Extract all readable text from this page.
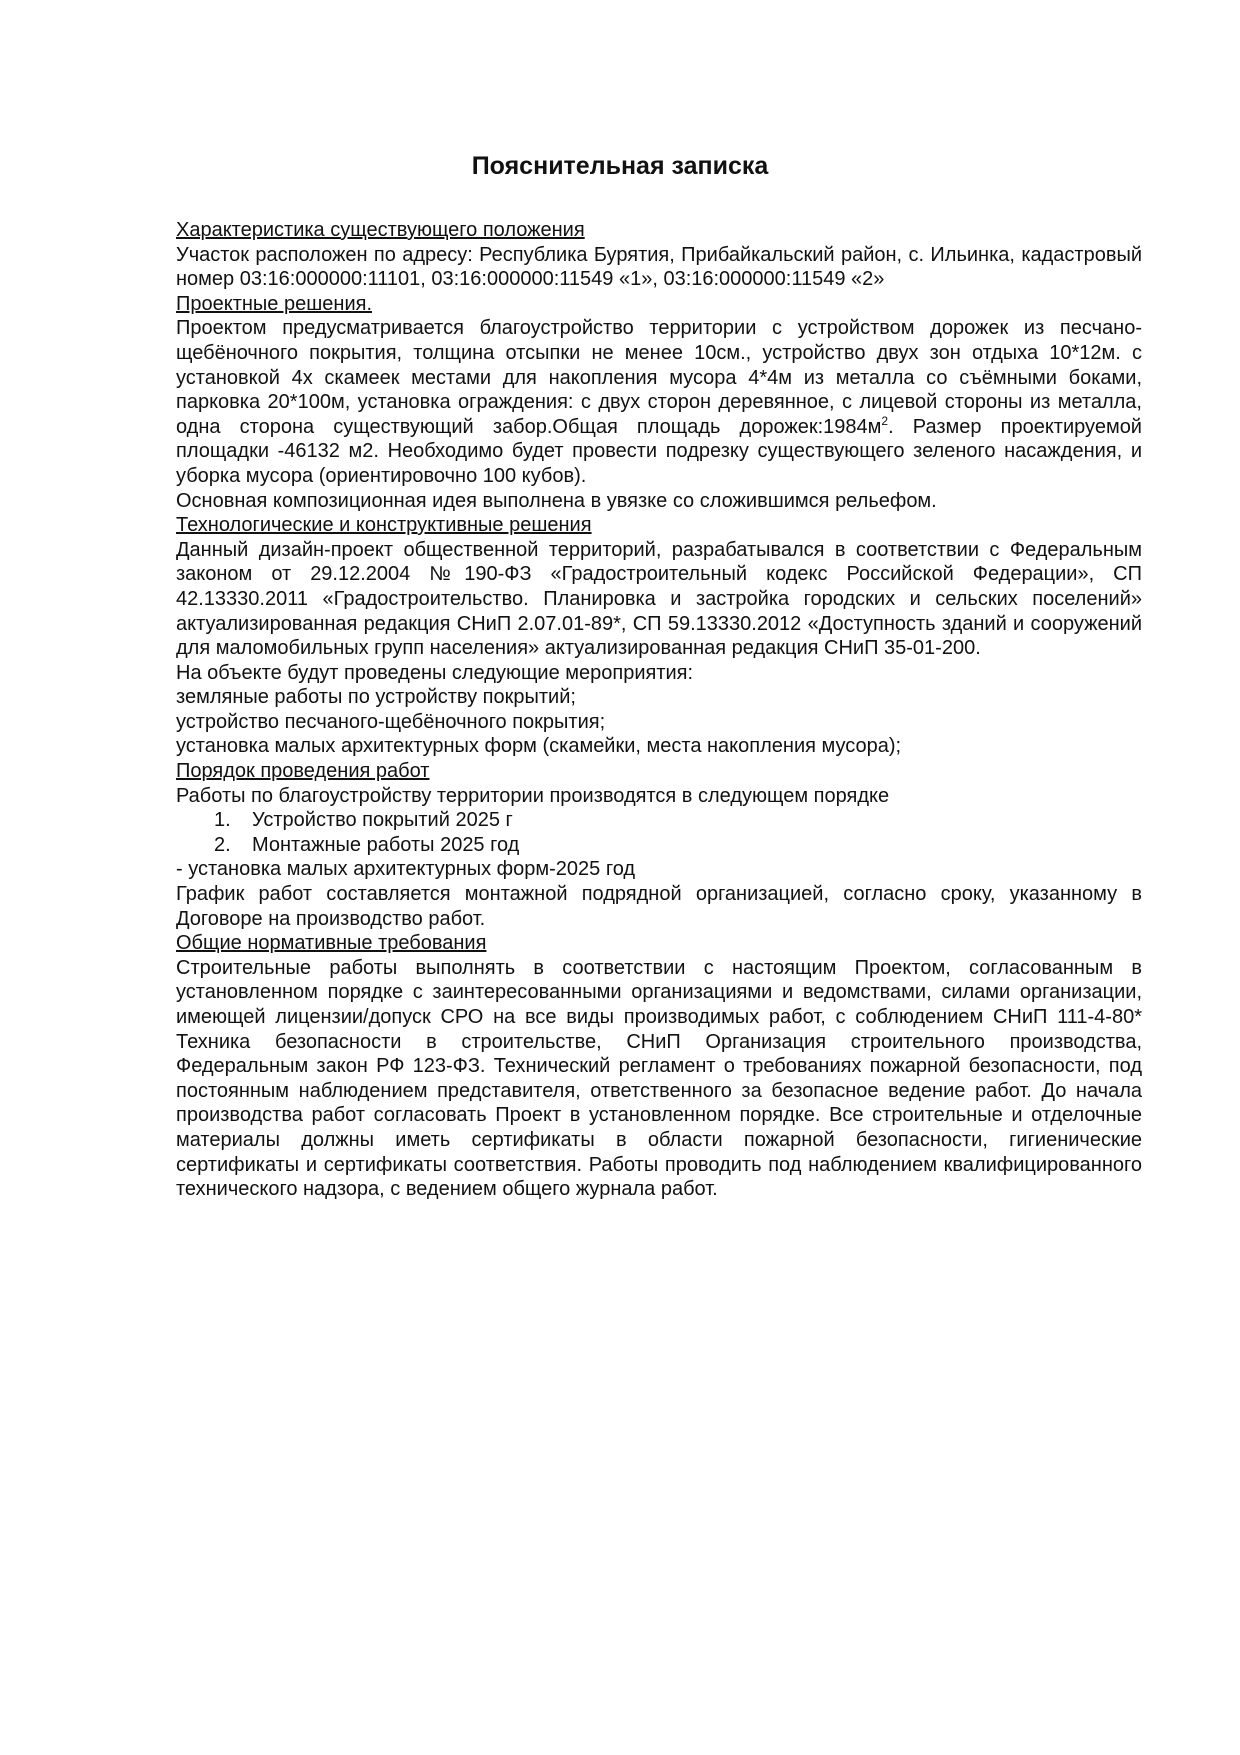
Пояснительная записка

Характеристика существующего положения

Участок расположен по адресу: Республика Бурятия, Прибайкальский район, с. Ильинка, кадастровый номер 03:16:000000:11101, 03:16:000000:11549 «1», 03:16:000000:11549 «2»

Проектные решения.

Проектом предусматривается благоустройство территории с устройством дорожек из песчано-щебёночного покрытия, толщина отсыпки не менее 10см., устройство двух зон отдыха 10*12м. с установкой 4х скамеек местами для накопления мусора 4*4м из металла со съёмными боками, парковка 20*100м, установка ограждения: с двух сторон деревянное, с лицевой стороны из металла, одна сторона существующий забор.Общая площадь $дорожек:1984м^2$. Размер проектируемой площадки -46132 м2. Необходимо будет провести подрезку существующего зеленого насаждения, и уборка мусора (ориентировочно 100 кубов).

Основная композиционная идея выполнена в увязке со сложившимся рельефом.

Технологические и конструктивные решения

Данный дизайн-проект общественной территорий, разрабатывался в соответствии с Федеральным законом от 29.12.2004 №190-ФЗ «Градостроительный кодекс Российской Федерации», СП 42.13330.2011 «Градостроительство. Планировка и застройка городских и сельских поселений» актуализированная редакция СНиП 2.07.01-89*, СП 59.13330.2012 «Доступность зданий и сооружений для маломобильных групп населения» актуализированная редакция СНиП 35-01-200.

На объекте будут проведены следующие мероприятия:

земляные работы по устройству покрытий;

устройство песчаного-щебёночного покрытия;

установка малых архитектурных форм (скамейки, места накопления мусора);

Порядок проведения работ

Работы по благоустройству территории производятся в следующем порядке

1. Устройство покрытий 2025 г
2. Монтажные работы 2025 год

- установка малых архитектурных форм-2025 год

График работ составляется монтажной подрядной организацией, согласно сроку, указанному в Договоре на производство работ.

Общие нормативные требования

Строительные работы выполнять в соответствии с настоящим Проектом, согласованным в установленном порядке с заинтересованными организациями и ведомствами, силами организации, имеющей лицензии/допуск СРО на все виды производимых работ, с соблюдением СНиП 111-4-80* Техника безопасности в строительстве, СНиП Организация строительного производства, Федеральным закон РФ 123-ФЗ. Технический регламент о требованиях пожарной безопасности, под постоянным наблюдением представителя, ответственного за безопасное ведение работ. До начала производства работ согласовать Проект в установленном порядке. Все строительные и отделочные материалы должны иметь сертификаты в области пожарной безопасности, гигиенические сертификаты и сертификаты соответствия. Работы проводить под наблюдением квалифицированного технического надзора, с ведением общего журнала работ.
